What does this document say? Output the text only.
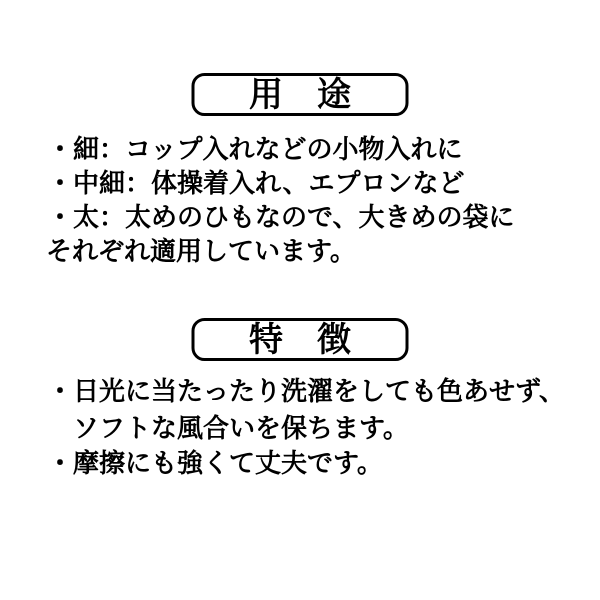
用　途
・細：コップ入れなどの小物入れに
・中細：体操着入れ、エプロンなど
・太：太めのひもなので、大きめの袋に
それぞれ適用しています。
特　徴
・日光に当たったり洗濯をしても色あせず、
ソフトな風合いを保ちます。
・摩擦にも強くて丈夫です。
